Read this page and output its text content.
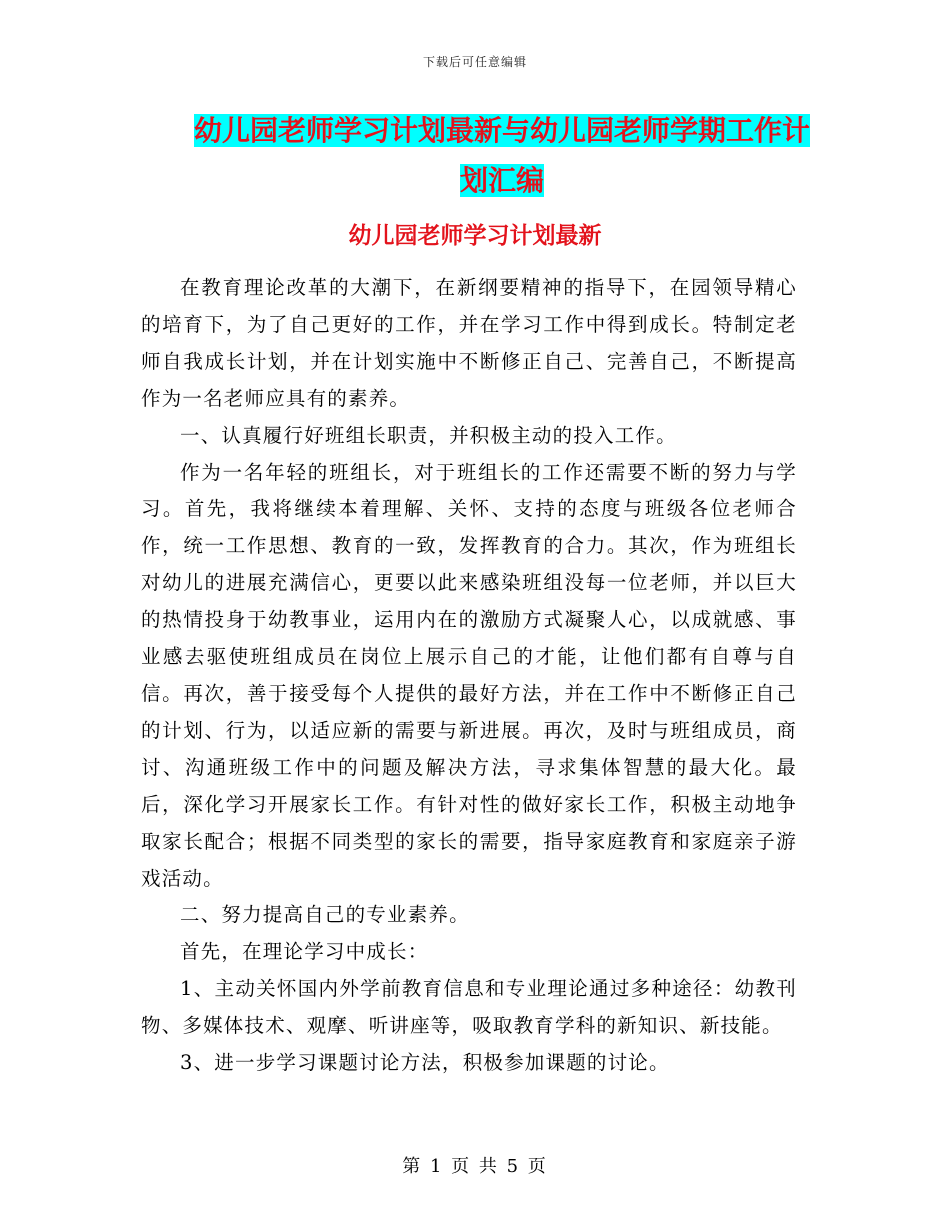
下载后可任意编辑
幼儿园老师学习计划最新与幼儿园老师学期工作计划汇编
幼儿园老师学习计划最新

在教育理论改革的大潮下，在新纲要精神的指导下，在园领导精心的培育下，为了自己更好的工作，并在学习工作中得到成长。特制定老师自我成长计划，并在计划实施中不断修正自己、完善自己，不断提高作为一名老师应具有的素养。

一、认真履行好班组长职责，并积极主动的投入工作。

作为一名年轻的班组长，对于班组长的工作还需要不断的努力与学习。首先，我将继续本着理解、关怀、支持的态度与班级各位老师合作，统一工作思想、教育的一致，发挥教育的合力。其次，作为班组长对幼儿的进展充满信心，更要以此来感染班组没每一位老师，并以巨大的热情投身于幼教事业，运用内在的激励方式凝聚人心，以成就感、事业感去驱使班组成员在岗位上展示自己的才能，让他们都有自尊与自信。再次，善于接受每个人提供的最好方法，并在工作中不断修正自己的计划、行为，以适应新的需要与新进展。再次，及时与班组成员，商讨、沟通班级工作中的问题及解决方法，寻求集体智慧的最大化。最后，深化学习开展家长工作。有针对性的做好家长工作，积极主动地争取家长配合；根据不同类型的家长的需要，指导家庭教育和家庭亲子游戏活动。

二、努力提高自己的专业素养。

首先，在理论学习中成长：

1、主动关怀国内外学前教育信息和专业理论通过多种途径：幼教刊物、多媒体技术、观摩、听讲座等，吸取教育学科的新知识、新技能。

3、进一步学习课题讨论方法，积极参加课题的讨论。

第 1 页 共 5 页
